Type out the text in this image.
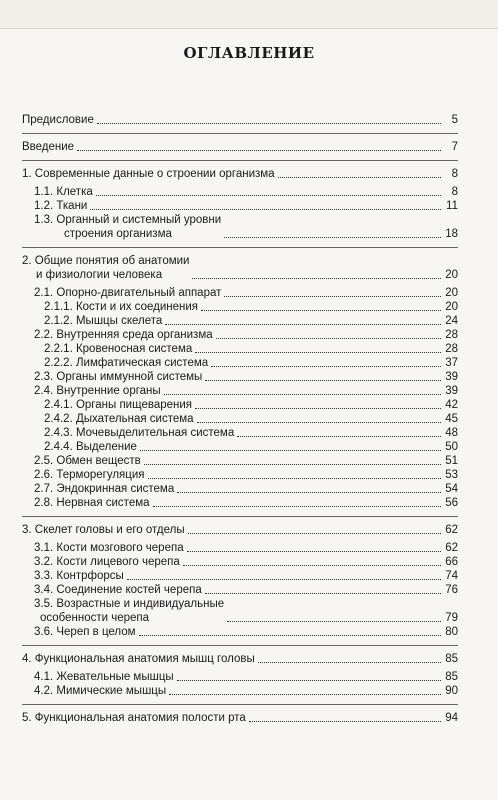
ОГЛАВЛЕНИЕ
Предисловие	5
Введение	7
1. Современные данные о строении организма	8
1.1. Клетка	8
1.2. Ткани	11
1.3. Органный и системный уровни
строения организма	18
2. Общие понятия об анатомии
и физиологии человека	20
2.1. Опорно-двигательный аппарат	20
2.1.1. Кости и их соединения	20
2.1.2. Мышцы скелета	24
2.2. Внутренняя среда организма	28
2.2.1. Кровеносная система	28
2.2.2. Лимфатическая система	37
2.3. Органы иммунной системы	39
2.4. Внутренние органы	39
2.4.1. Органы пищеварения	42
2.4.2. Дыхательная система	45
2.4.3. Мочевыделительная система	48
2.4.4. Выделение	50
2.5. Обмен веществ	51
2.6. Терморегуляция	53
2.7. Эндокринная система	54
2.8. Нервная система	56
3. Скелет головы и его отделы	62
3.1. Кости мозгового черепа	62
3.2. Кости лицевого черепа	66
3.3. Контрфорсы	74
3.4. Соединение костей черепа	76
3.5. Возрастные и индивидуальные
особенности черепа	79
3.6. Череп в целом	80
4. Функциональная анатомия мышц головы	85
4.1. Жевательные мышцы	85
4.2. Мимические мышцы	90
5. Функциональная анатомия полости рта	94
